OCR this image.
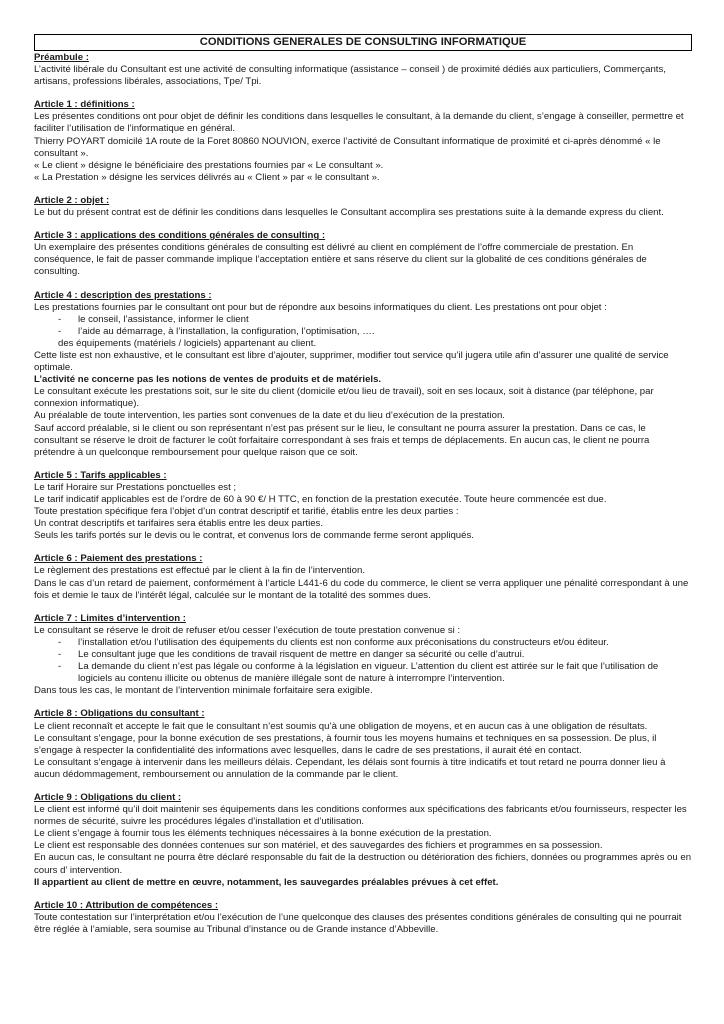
CONDITIONS GENERALES DE CONSULTING INFORMATIQUE
Préambule :

L’activité libérale du Consultant est une activité de consulting informatique (assistance – conseil ) de proximité dédiés aux particuliers, Commerçants, artisans, professions libérales, associations, Tpe/ Tpi.

Article 1 : définitions :

Les présentes conditions ont pour objet de définir les conditions dans lesquelles le consultant, à la demande du client, s’engage à conseiller, permettre et faciliter l’utilisation de l’informatique en général.

Thierry POYART domicilé 1A route de la Foret 80860 NOUVION, exerce l’activité de Consultant informatique de proximité et ci-après dénommé « le consultant ».

« Le client » désigne le bénéficiaire des prestations fournies par « Le consultant ».

« La Prestation » désigne les services délivrés au « Client » par « le consultant ».

Article 2 : objet :

Le but du présent contrat est de définir les conditions dans lesquelles le Consultant accomplira ses prestations suite à la demande express du client.

Article 3 : applications des conditions générales de consulting :

Un exemplaire des présentes conditions générales de consulting est délivré au client en complément de l’offre commerciale de prestation. En conséquence, le fait de passer commande implique l’acceptation entière et sans réserve du client sur la globalité de ces conditions générales de consulting.

Article 4 : description des prestations :

Les prestations fournies par le consultant ont pour but de répondre aux besoins informatiques du client. Les prestations ont pour objet :

- le conseil, l’assistance, informer le client
- l’aide au démarrage, à l’installation, la configuration, l’optimisation, ….

des équipements (matériels / logiciels) appartenant au client.

Cette liste est non exhaustive, et le consultant est libre d’ajouter, supprimer, modifier tout service qu’il jugera utile afin d’assurer une qualité de service optimale.

L’activité ne concerne pas les notions de ventes de produits et de matériels.

Le consultant exécute les prestations soit, sur le site du client (domicile et/ou lieu de travail), soit en ses locaux, soit à distance (par téléphone, par connexion informatique).

Au préalable de toute intervention, les parties sont convenues de la date et du lieu d’exécution de la prestation.

Sauf accord préalable, si le client ou son représentant n’est pas présent sur le lieu, le consultant ne pourra assurer la prestation. Dans ce cas, le consultant se réserve le droit de facturer le coût forfaitaire correspondant à ses frais et temps de déplacements. En aucun cas, le client ne pourra prétendre à un quelconque remboursement pour quelque raison que ce soit.

Article 5 : Tarifs applicables :

Le tarif Horaire sur Prestations ponctuelles est ;

Le tarif indicatif applicables est de l’ordre de 60 à 90 €/ H TTC, en fonction de la prestation executée. Toute heure commencée est due.

Toute prestation spécifique fera l’objet d’un contrat descriptif et tarifié, établis entre les deux parties :

Un contrat descriptifs et tarifaires sera établis entre les deux parties.

Seuls les tarifs portés sur le devis ou le contrat, et convenus lors de commande ferme seront appliqués.

Article 6 : Paiement des prestations :

Le règlement des prestations est effectué par le client à la fin de l’intervention.

Dans le cas d’un retard de paiement, conformément à l’article L441-6 du code du commerce, le client se verra appliquer une pénalité correspondant à une fois et demie le taux de l’intérêt légal, calculée sur le montant de la totalité des sommes dues.

Article 7 : Limites d’intervention :

Le consultant se réserve le droit de refuser et/ou cesser l’exécution de toute prestation convenue si :

- l’installation et/ou l’utilisation des équipements du clients est non conforme aux préconisations du constructeurs et/ou éditeur.
- Le consultant juge que les conditions de travail risquent de mettre en danger sa sécurité ou celle d’autrui.
- La demande du client n’est pas légale ou conforme à la législation en vigueur. L’attention du client est attirée sur le fait que l’utilisation de logiciels au contenu illicite ou obtenus de manière illégale sont de nature à interrompre l’intervention.

Dans tous les cas, le montant de l’intervention minimale forfaitaire sera exigible.

Article 8 : Obligations du consultant :

Le client reconnaît et accepte le fait que le consultant n’est soumis qu’à une obligation de moyens, et en aucun cas à une obligation de résultats.

Le consultant s’engage, pour la bonne exécution de ses prestations, à fournir tous les moyens humains et techniques en sa possession. De plus, il s’engage à respecter la confidentialité des informations avec lesquelles, dans le cadre de ses prestations, il aurait été en contact.

Le consultant s’engage à intervenir dans les meilleurs délais. Cependant, les délais sont fournis à titre indicatifs et tout retard ne pourra donner lieu à aucun dédommagement, remboursement ou annulation de la commande par le client.

Article 9 : Obligations du client :

Le client est informé qu’il doit maintenir ses équipements dans les conditions conformes aux spécifications des fabricants et/ou fournisseurs, respecter les normes de sécurité, suivre les procédures légales d’installation et d’utilisation.

Le client s’engage à fournir tous les éléments techniques nécessaires à la bonne exécution de la prestation.

Le client est responsable des données contenues sur son matériel, et des sauvegardes des fichiers et programmes en sa possession.

En aucun cas, le consultant ne pourra être déclaré responsable du fait de la destruction ou détérioration des fichiers, données ou programmes après ou en cours d’ intervention.

Il appartient au client de mettre en œuvre, notamment, les sauvegardes préalables prévues à cet effet.

Article 10 : Attribution de compétences :

Toute contestation sur l’interprétation et/ou l’exécution de l’une quelconque des clauses des présentes conditions générales de consulting qui ne pourrait être réglée à l’amiable, sera soumise au Tribunal d’instance ou de Grande instance d’Abbeville.
